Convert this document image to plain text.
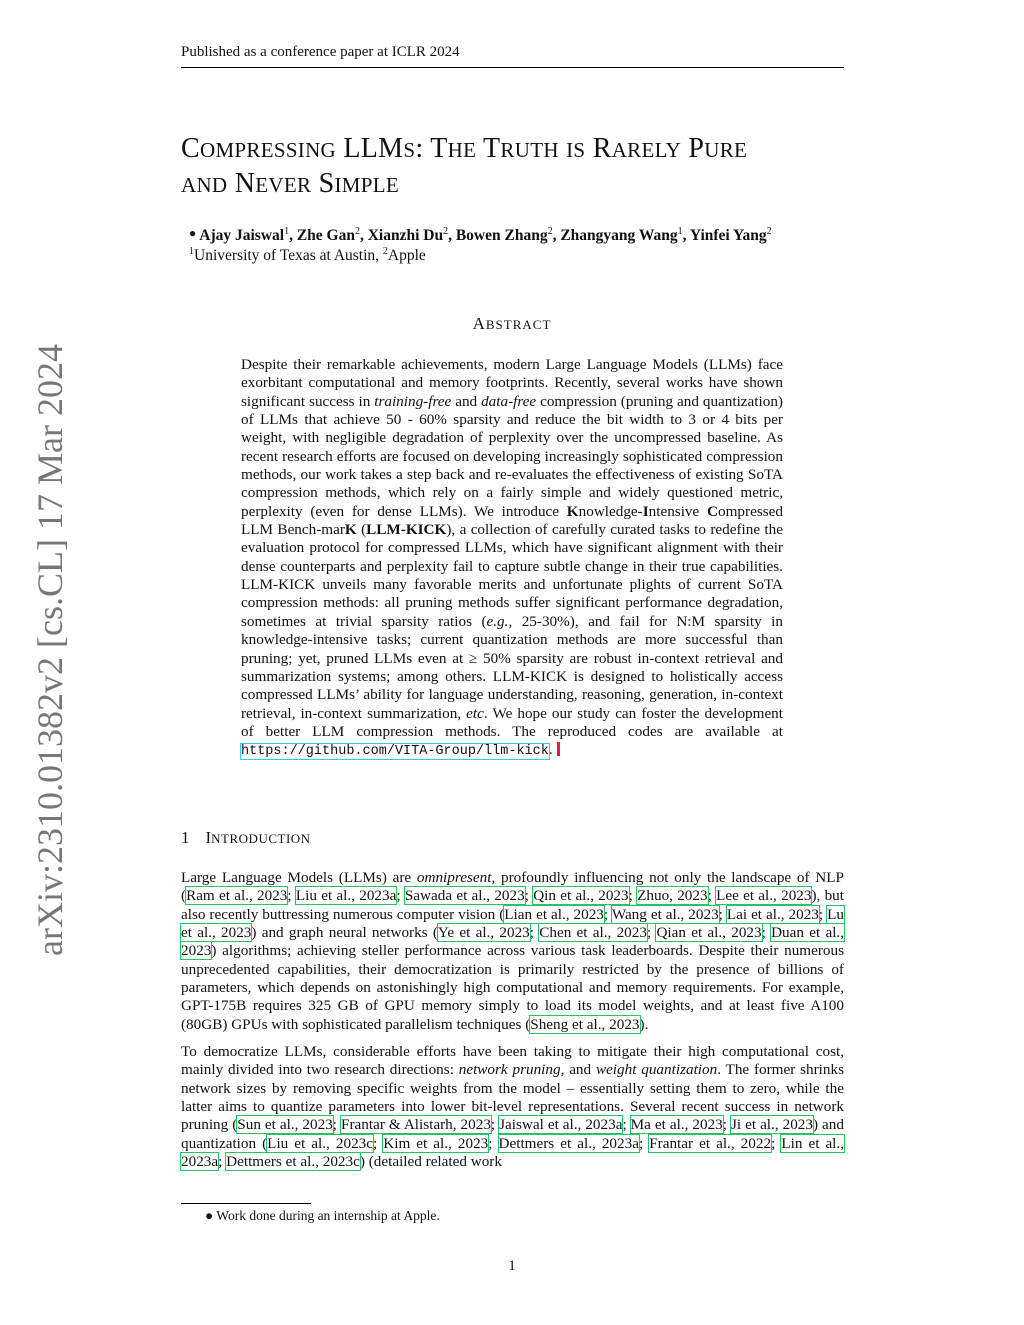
Published as a conference paper at ICLR 2024
COMPRESSING LLMS: THE TRUTH IS RARELY PURE
AND NEVER SIMPLE
● Ajay Jaiswal$^1$, Zhe Gan$^2$, Xianzhi Du$^2$, Bowen Zhang$^2$, Zhangyang Wang$^1$, Yinfei Yang$^2$
$^1$University of Texas at Austin, $^2$Apple
ABSTRACT
Despite their remarkable achievements, modern Large Language Models (LLMs) face exorbitant computational and memory footprints. Recently, several works have shown significant success in training-free and data-free compression (pruning and quantization) of LLMs that achieve 50 - 60% sparsity and reduce the bit width to 3 or 4 bits per weight, with negligible degradation of perplexity over the uncompressed baseline. As recent research efforts are focused on developing increasingly sophisticated compression methods, our work takes a step back and re-evaluates the effectiveness of existing SoTA compression methods, which rely on a fairly simple and widely questioned metric, perplexity (even for dense LLMs). We introduce Knowledge-Intensive Compressed LLM Bench-marK (LLM-KICK), a collection of carefully curated tasks to redefine the evaluation protocol for compressed LLMs, which have significant alignment with their dense counterparts and perplexity fail to capture subtle change in their true capabilities. LLM-KICK unveils many favorable merits and unfortunate plights of current SoTA compression methods: all pruning methods suffer significant performance degradation, sometimes at trivial sparsity ratios (e.g., 25-30%), and fail for N:M sparsity in knowledge-intensive tasks; current quantization methods are more successful than pruning; yet, pruned LLMs even at ≥ 50% sparsity are robust in-context retrieval and summarization systems; among others. LLM-KICK is designed to holistically access compressed LLMs’ ability for language understanding, reasoning, generation, in-context retrieval, in-context summarization, etc. We hope our study can foster the development of better LLM compression methods. The reproduced codes are available at https://github.com/VITA-Group/llm-kick.
arXiv:2310.01382v2 [cs.CL] 17 Mar 2024	1 INTRODUCTION

Large Language Models (LLMs) are omnipresent, profoundly influencing not only the landscape of NLP (Ram et al., 2023; Liu et al., 2023a; Sawada et al., 2023; Qin et al., 2023; Zhuo, 2023; Lee et al., 2023), but also recently buttressing numerous computer vision (Lian et al., 2023; Wang et al., 2023; Lai et al., 2023; Lu et al., 2023) and graph neural networks (Ye et al., 2023; Chen et al., 2023; Qian et al., 2023; Duan et al., 2023) algorithms; achieving steller performance across various task leaderboards. Despite their numerous unprecedented capabilities, their democratization is primarily restricted by the presence of billions of parameters, which depends on astonishingly high computational and memory requirements. For example, GPT-175B requires 325 GB of GPU memory simply to load its model weights, and at least five A100 (80GB) GPUs with sophisticated parallelism techniques (Sheng et al., 2023).

To democratize LLMs, considerable efforts have been taking to mitigate their high computational cost, mainly divided into two research directions: network pruning, and weight quantization. The former shrinks network sizes by removing specific weights from the model – essentially setting them to zero, while the latter aims to quantize parameters into lower bit-level representations. Several recent success in network pruning (Sun et al., 2023; Frantar & Alistarh, 2023; Jaiswal et al., 2023a; Ma et al., 2023; Ji et al., 2023) and quantization (Liu et al., 2023c; Kim et al., 2023; Dettmers et al., 2023a; Frantar et al., 2022; Lin et al., 2023a; Dettmers et al., 2023c) (detailed related work

● Work done during an internship at Apple.
1
